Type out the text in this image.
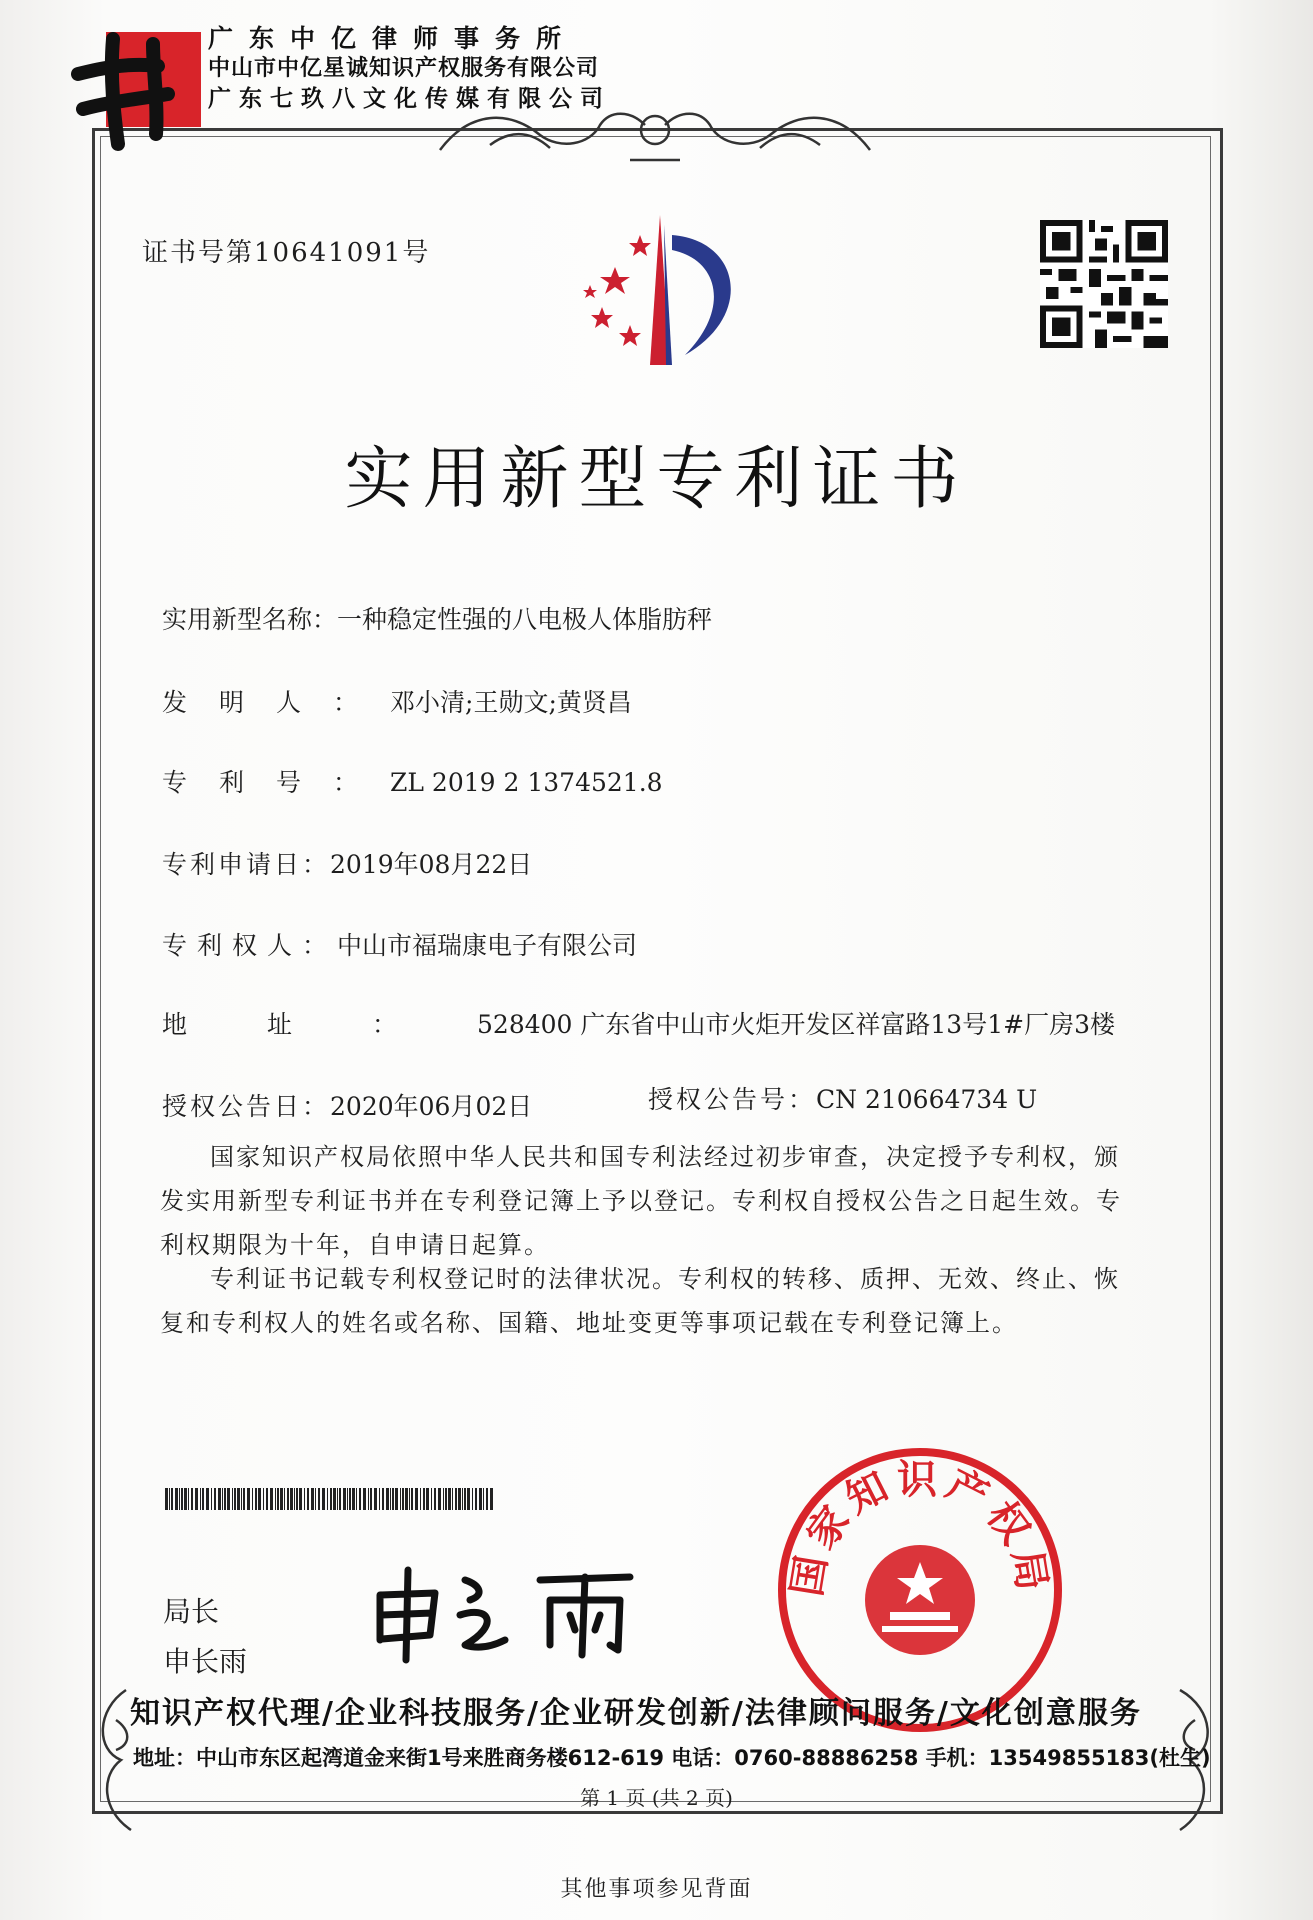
广东中亿律师事务所
中山市中亿星诚知识产权服务有限公司
广东七玖八文化传媒有限公司
证书号第10641091号
实用新型专利证书
实用新型名称：一种稳定性强的八电极人体脂肪秤
发明人：邓小清;王勋文;黄贤昌
专利号：ZL 2019 2 1374521.8
专利申请日：2019年08月22日
专利权人：中山市福瑞康电子有限公司
地址：528400 广东省中山市火炬开发区祥富路13号1#厂房3楼
授权公告日：2020年06月02日	授权公告号：CN 210664734 U
国家知识产权局依照中华人民共和国专利法经过初步审查，决定授予专利权，颁发实用新型专利证书并在专利登记簿上予以登记。专利权自授权公告之日起生效。专利权期限为十年，自申请日起算。
专利证书记载专利权登记时的法律状况。专利权的转移、质押、无效、终止、恢复和专利权人的姓名或名称、国籍、地址变更等事项记载在专利登记簿上。
局长
申长雨
国家知识产权局
知识产权代理/企业科技服务/企业研发创新/法律顾问服务/文化创意服务
地址：中山市东区起湾道金来街1号来胜商务楼612-619 电话：0760-88886258 手机：13549855183(杜生)
第 1 页 (共 2 页)
其他事项参见背面
